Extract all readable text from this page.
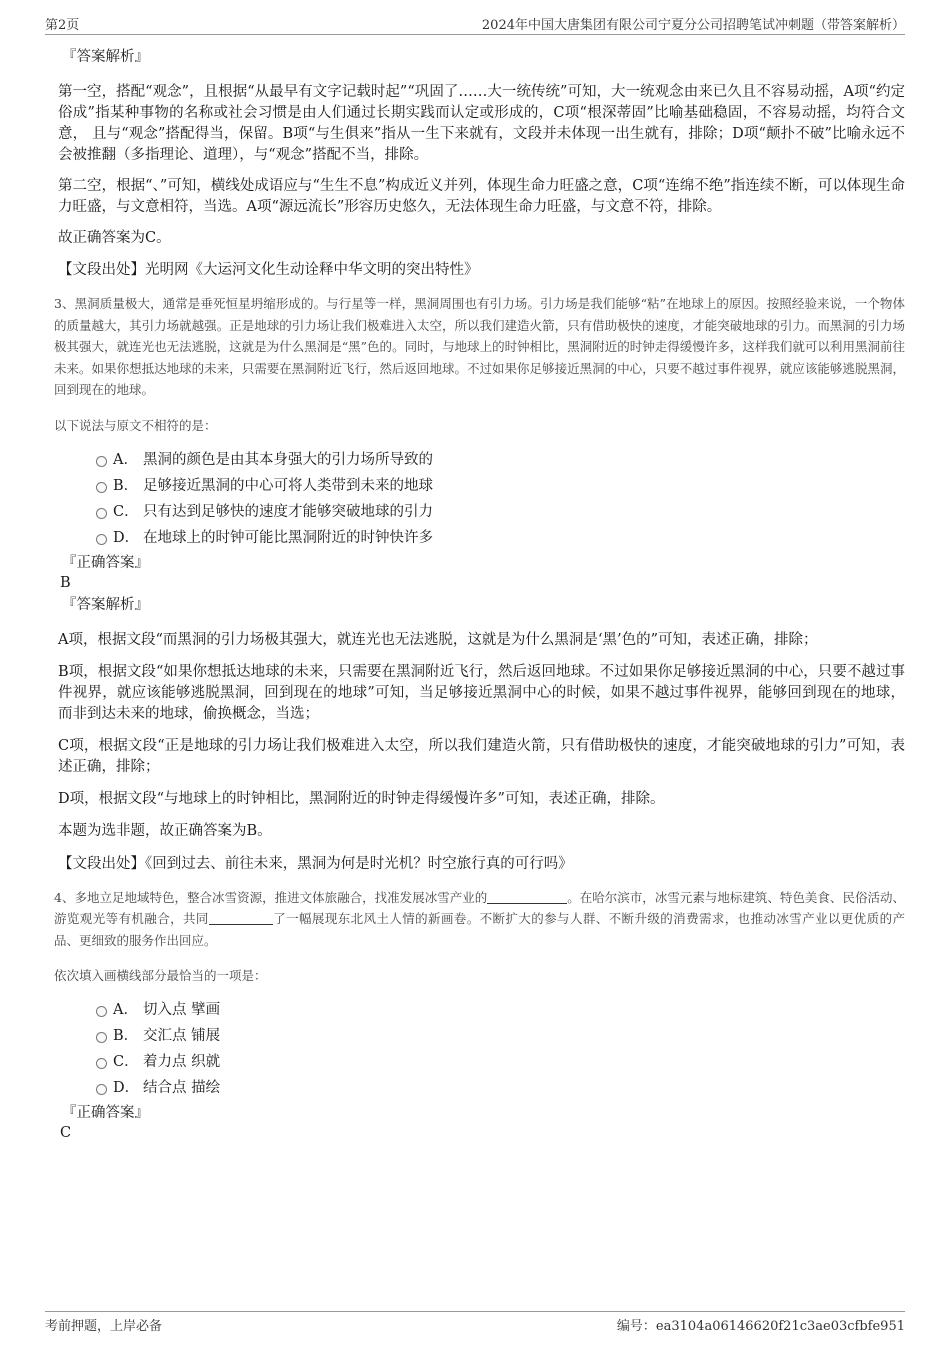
第2页	2024年中国大唐集团有限公司宁夏分公司招聘笔试冲刺题（带答案解析）

『答案解析』

第一空，搭配“观念”，且根据“从最早有文字记载时起”“巩固了……大一统传统”可知，大一统观念由来已久且不容易动摇，A项“约定俗成”指某种事物的名称或社会习惯是由人们通过长期实践而认定或形成的，C项“根深蒂固”比喻基础稳固，不容易动摇，均符合文意， 且与“观念”搭配得当，保留。B项“与生俱来”指从一生下来就有，文段并未体现一出生就有，排除；D项“颠扑不破”比喻永远不会被推翻（多指理论、道理），与“观念”搭配不当，排除。

第二空，根据“、”可知，横线处成语应与“生生不息”构成近义并列，体现生命力旺盛之意，C项“连绵不绝”指连续不断，可以体现生命力旺盛，与文意相符，当选。A项“源远流长”形容历史悠久，无法体现生命力旺盛，与文意不符，排除。

故正确答案为C。

【文段出处】光明网《大运河文化生动诠释中华文明的突出特性》

3、黑洞质量极大，通常是垂死恒星坍缩形成的。与行星等一样，黑洞周围也有引力场。引力场是我们能够“粘”在地球上的原因。按照经验来说，一个物体的质量越大，其引力场就越强。正是地球的引力场让我们极难进入太空，所以我们建造火箭，只有借助极快的速度，才能突破地球的引力。而黑洞的引力场极其强大，就连光也无法逃脱，这就是为什么黑洞是“黑”色的。同时，与地球上的时钟相比，黑洞附近的时钟走得缓慢许多，这样我们就可以利用黑洞前往未来。如果你想抵达地球的未来，只需要在黑洞附近飞行，然后返回地球。不过如果你足够接近黑洞的中心，只要不越过事件视界，就应该能够逃脱黑洞，回到现在的地球。

以下说法与原文不相符的是：

A． 黑洞的颜色是由其本身强大的引力场所导致的
B． 足够接近黑洞的中心可将人类带到未来的地球
C． 只有达到足够快的速度才能够突破地球的引力
D． 在地球上的时钟可能比黑洞附近的时钟快许多

『正确答案』

B

『答案解析』

A项，根据文段“而黑洞的引力场极其强大，就连光也无法逃脱，这就是为什么黑洞是‘黑’色的”可知，表述正确，排除；

B项，根据文段“如果你想抵达地球的未来，只需要在黑洞附近飞行，然后返回地球。不过如果你足够接近黑洞的中心，只要不越过事件视界，就应该能够逃脱黑洞，回到现在的地球”可知，当足够接近黑洞中心的时候，如果不越过事件视界，能够回到现在的地球，而非到达未来的地球，偷换概念，当选；

C项，根据文段“正是地球的引力场让我们极难进入太空，所以我们建造火箭，只有借助极快的速度，才能突破地球的引力”可知，表述正确，排除；

D项，根据文段“与地球上的时钟相比，黑洞附近的时钟走得缓慢许多”可知，表述正确，排除。

本题为选非题，故正确答案为B。

【文段出处】《回到过去、前往未来，黑洞为何是时光机？时空旅行真的可行吗》

4、多地立足地域特色，整合冰雪资源，推进文体旅融合，找准发展冰雪产业的	。在哈尔滨市，冰雪元素与地标建筑、特色美食、民俗活动、游览观光等有机融合，共同	了一幅展现东北风土人情的新画卷。不断扩大的参与人群、不断升级的消费需求，也推动冰雪产业以更优质的产品、更细致的服务作出回应。

依次填入画横线部分最恰当的一项是：

A． 切入点 擘画
B． 交汇点 铺展
C． 着力点 织就
D． 结合点 描绘

『正确答案』

C

考前押题，上岸必备	编号：ea3104a06146620f21c3ae03cfbfe951
